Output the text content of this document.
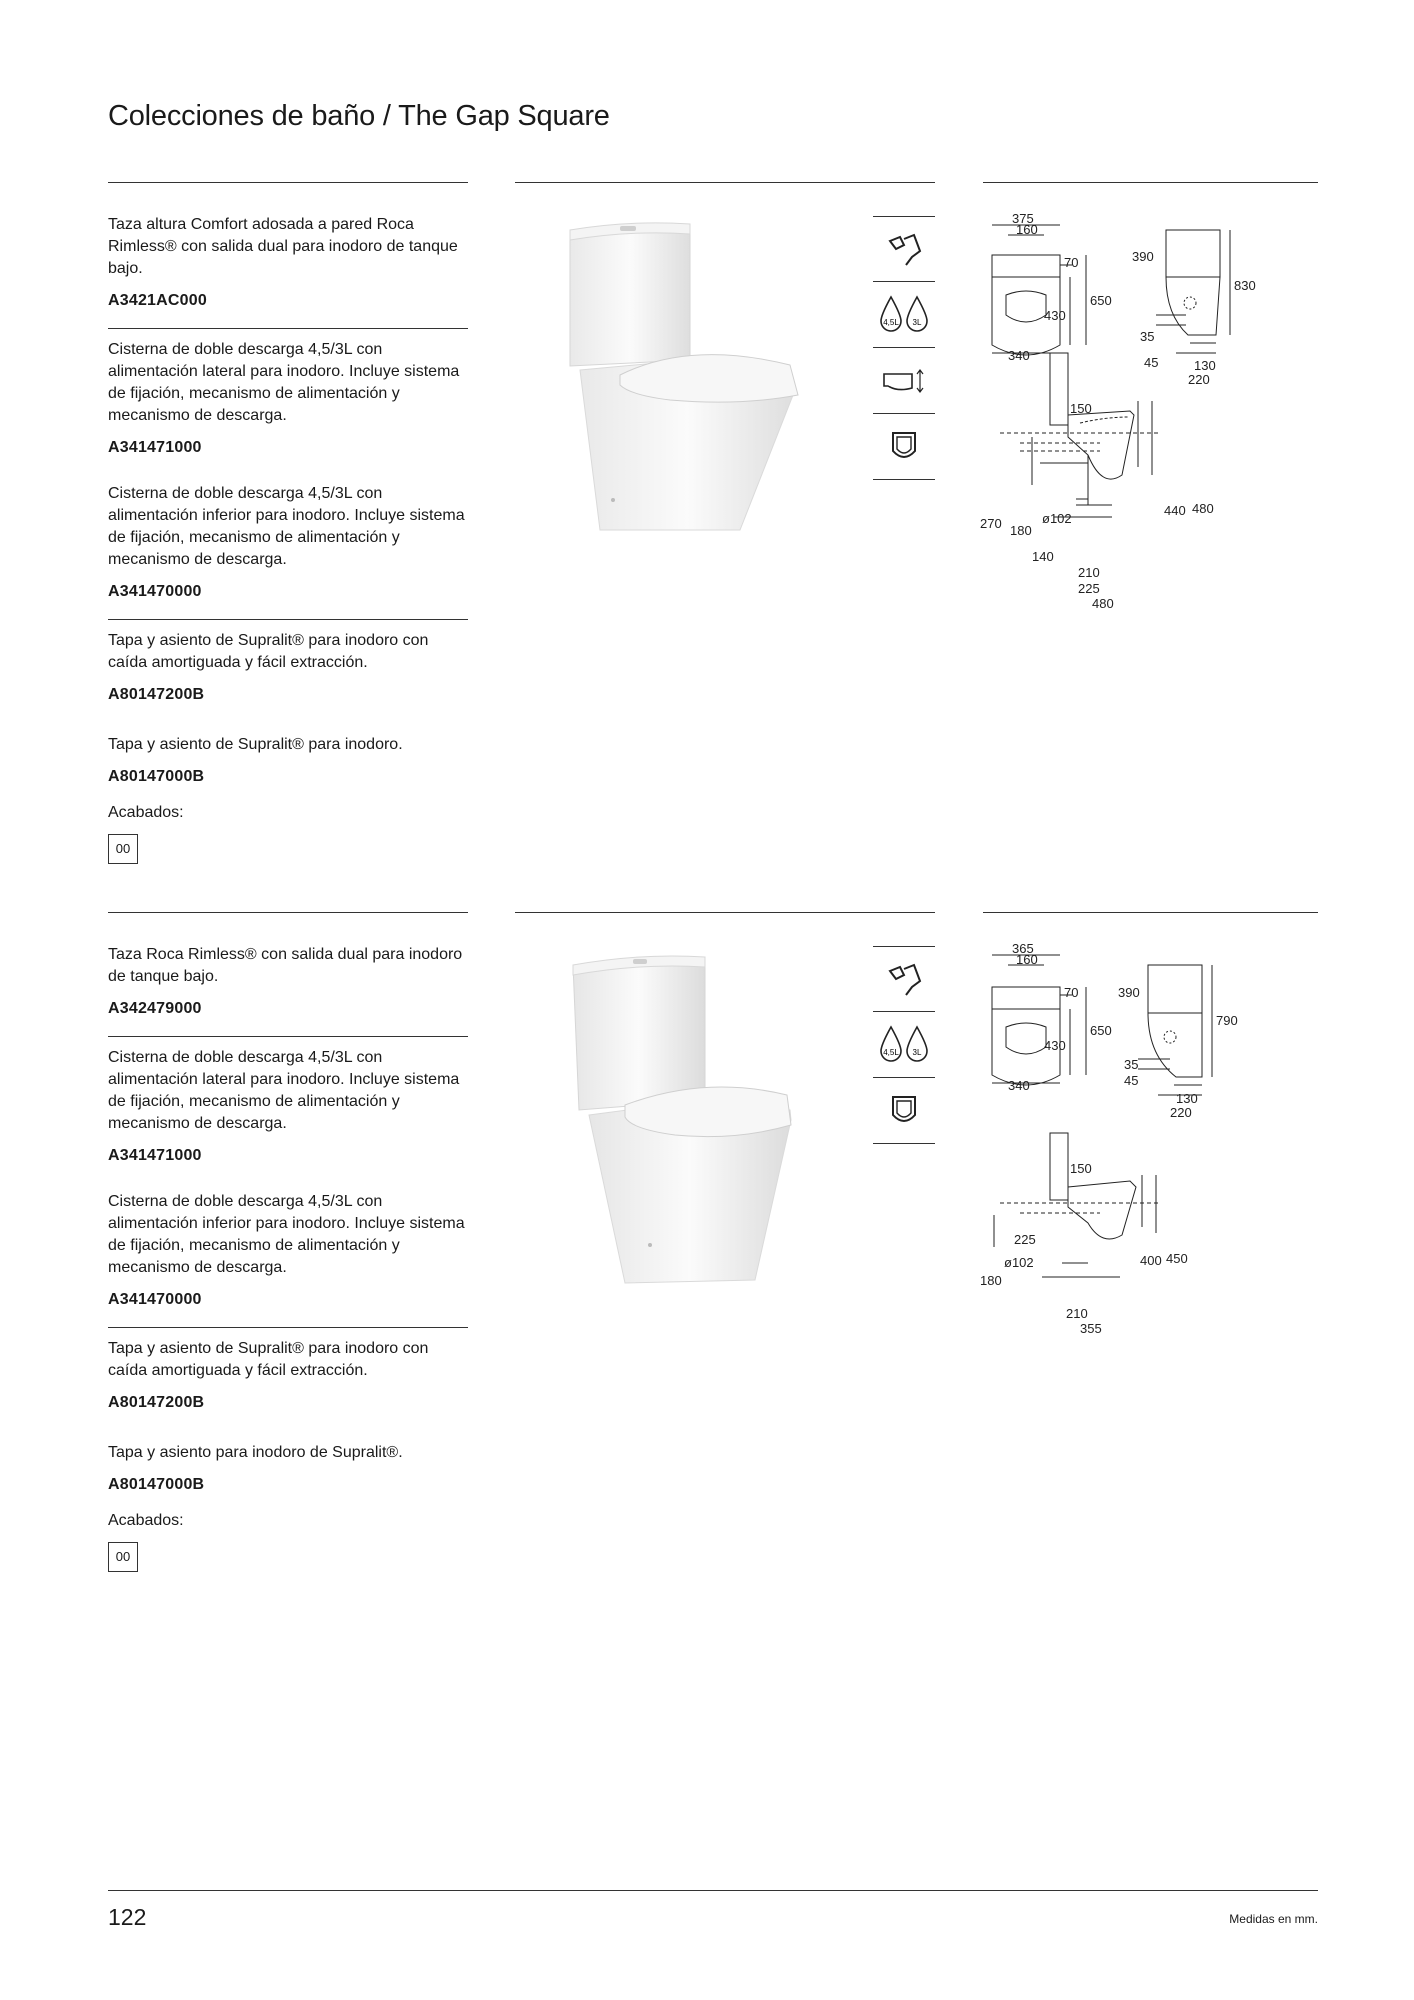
Colecciones de baño / The Gap Square
Taza altura Comfort adosada a pared Roca Rimless® con salida dual para inodoro de tanque bajo.
A3421AC000
Cisterna de doble descarga 4,5/3L con alimentación lateral para inodoro. Incluye sistema de fijación, mecanismo de alimentación y mecanismo de descarga.
A341471000
Cisterna de doble descarga 4,5/3L con alimentación inferior para inodoro. Incluye sistema de fijación, mecanismo de alimentación y mecanismo de descarga.
A341470000
Tapa y asiento de Supralit® para inodoro con caída amortiguada y fácil extracción.
A80147200B
Tapa y asiento de Supralit® para inodoro.
A80147000B
Acabados:
00
4,5L 3L
375
160
70
650
430
340
390
830
35
45	130
220
150
270 180
ø102
140
210
225
480
440 480
Taza Roca Rimless® con salida dual para inodoro de tanque bajo.
A342479000
Cisterna de doble descarga 4,5/3L con alimentación lateral para inodoro. Incluye sistema de fijación, mecanismo de alimentación y mecanismo de descarga.
A341471000
Cisterna de doble descarga 4,5/3L con alimentación inferior para inodoro. Incluye sistema de fijación, mecanismo de alimentación y mecanismo de descarga.
A341470000
Tapa y asiento de Supralit® para inodoro con caída amortiguada y fácil extracción.
A80147200B
Tapa y asiento para inodoro de Supralit®.
A80147000B
Acabados:
00
4,5L 3L
365
160
70
650
430
340
390
790
35
45
130
220
150
225
ø102
180
210
355
400 450
122	Medidas en mm.
